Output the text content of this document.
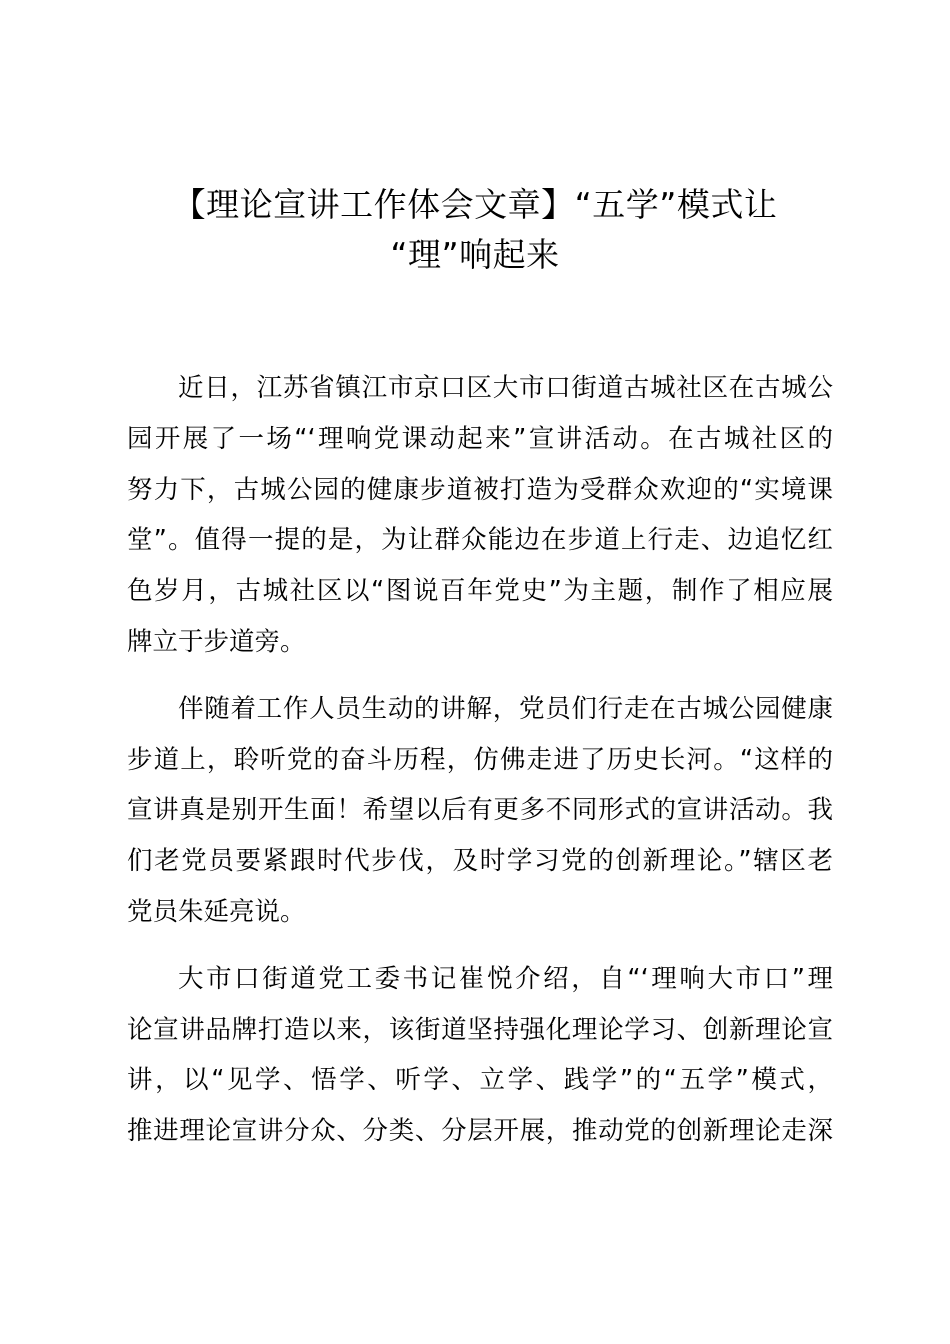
【理论宣讲工作体会文章】“五学”模式让
“理”响起来

近日，江苏省镇江市京口区大市口街道古城社区在古城公
园开展了一场“‘理响党课动起来”宣讲活动。在古城社区的
努力下，古城公园的健康步道被打造为受群众欢迎的“实境课
堂”。值得一提的是，为让群众能边在步道上行走、边追忆红
色岁月，古城社区以“图说百年党史”为主题，制作了相应展
牌立于步道旁。

伴随着工作人员生动的讲解，党员们行走在古城公园健康
步道上，聆听党的奋斗历程，仿佛走进了历史长河。“这样的
宣讲真是别开生面！希望以后有更多不同形式的宣讲活动。我
们老党员要紧跟时代步伐，及时学习党的创新理论。”辖区老
党员朱延亮说。

大市口街道党工委书记崔悦介绍，自“‘理响大市口”理
论宣讲品牌打造以来，该街道坚持强化理论学习、创新理论宣
讲，以“见学、悟学、听学、立学、践学”的“五学”模式，
推进理论宣讲分众、分类、分层开展，推动党的创新理论走深
